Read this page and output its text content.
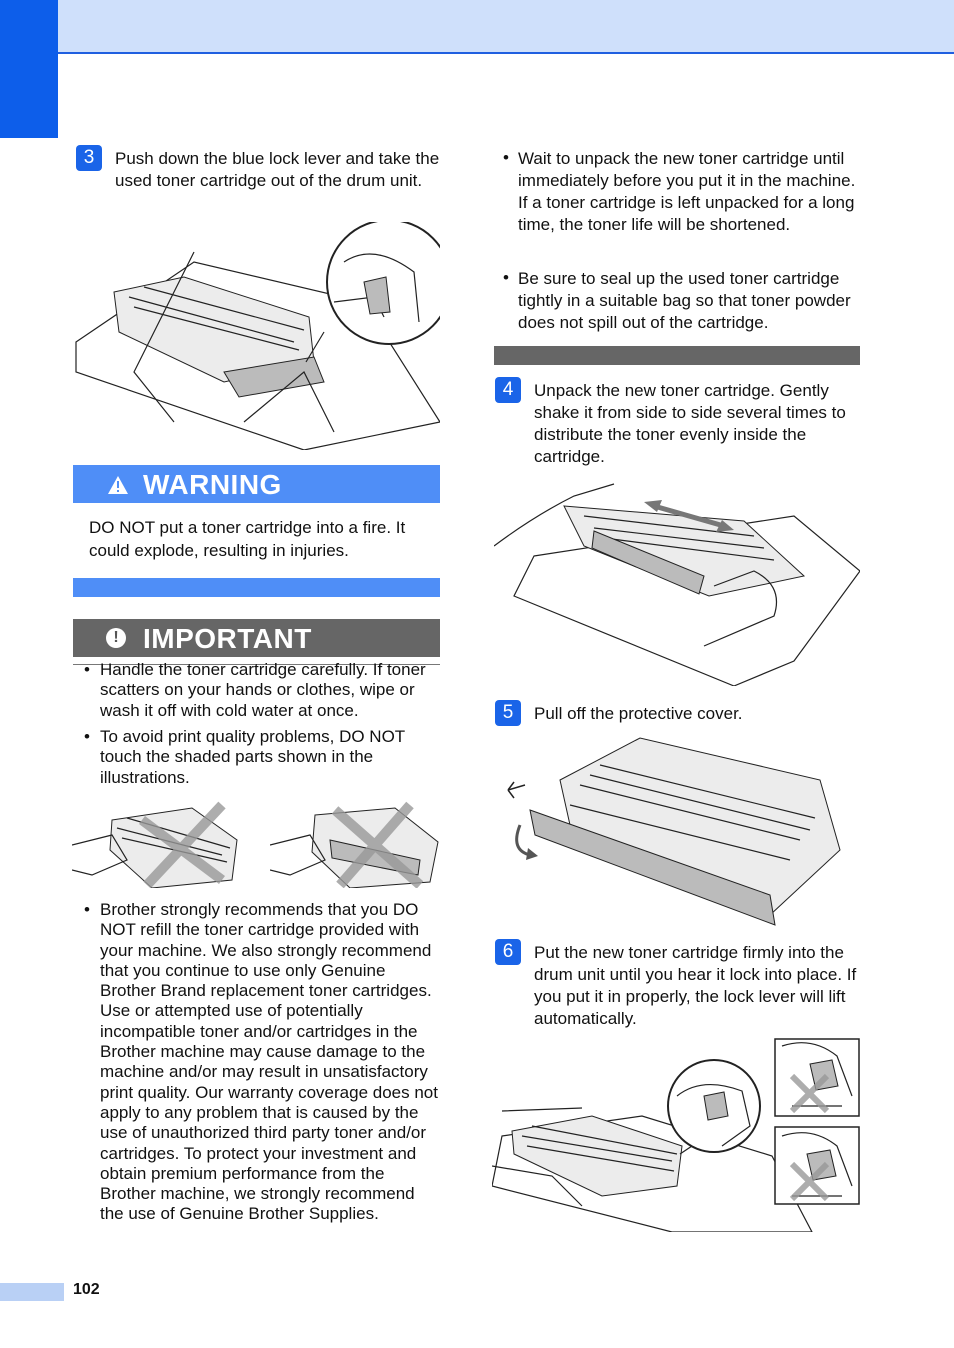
3	Push down the blue lock lever and take the used toner cartridge out of the drum unit.
WARNING
DO NOT put a toner cartridge into a fire. It could explode, resulting in injuries.
! IMPORTANT
• Handle the toner cartridge carefully. If toner scatters on your hands or clothes, wipe or wash it off with cold water at once.
• To avoid print quality problems, DO NOT touch the shaded parts shown in the illustrations.
• Brother strongly recommends that you DO NOT refill the toner cartridge provided with your machine. We also strongly recommend that you continue to use only Genuine Brother Brand replacement toner cartridges. Use or attempted use of potentially incompatible toner and/or cartridges in the Brother machine may cause damage to the machine and/or may result in unsatisfactory print quality. Our warranty coverage does not apply to any problem that is caused by the use of unauthorized third party toner and/or cartridges. To protect your investment and obtain premium performance from the Brother machine, we strongly recommend the use of Genuine Brother Supplies.
• Wait to unpack the new toner cartridge until immediately before you put it in the machine. If a toner cartridge is left unpacked for a long time, the toner life will be shortened.
• Be sure to seal up the used toner cartridge tightly in a suitable bag so that toner powder does not spill out of the cartridge.
4	Unpack the new toner cartridge. Gently shake it from side to side several times to distribute the toner evenly inside the cartridge.
5	Pull off the protective cover.
6	Put the new toner cartridge firmly into the drum unit until you hear it lock into place. If you put it in properly, the lock lever will lift automatically.
102
